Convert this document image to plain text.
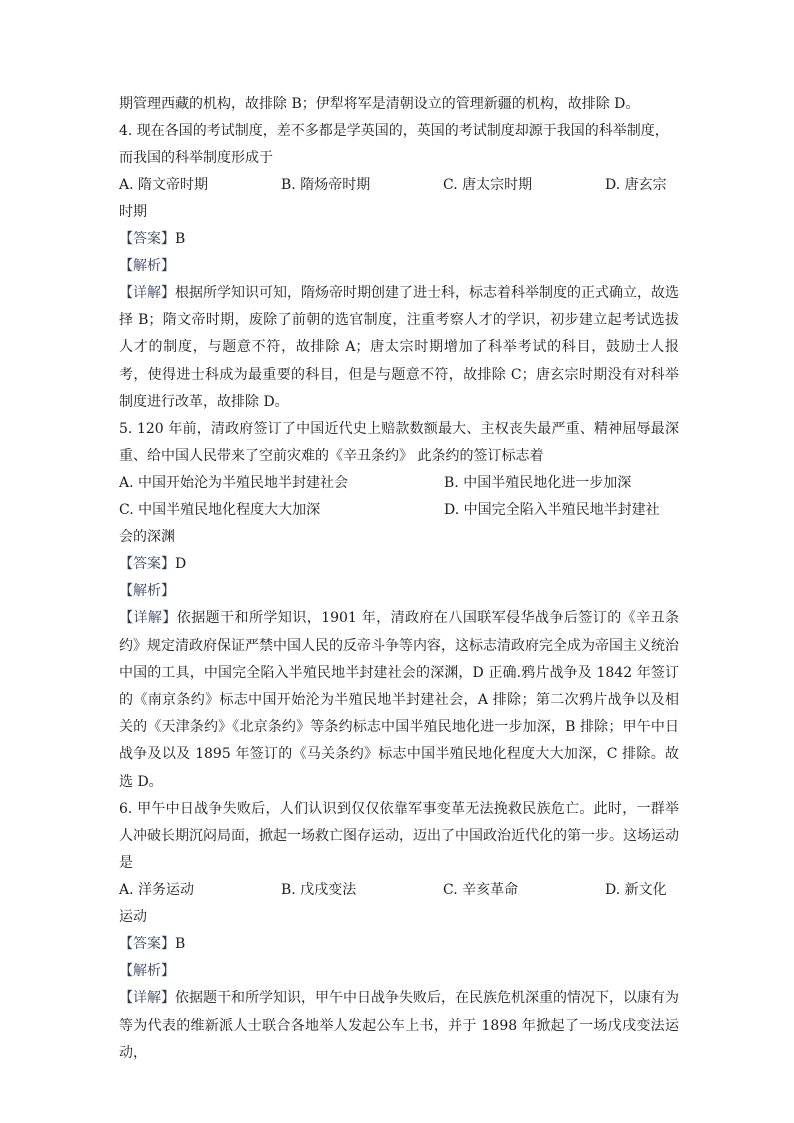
期管理西藏的机构，故排除 B；伊犁将军是清朝设立的管理新疆的机构，故排除 D。
4. 现在各国的考试制度，差不多都是学英国的，英国的考试制度却源于我国的科举制度，
而我国的科举制度形成于
A. 隋文帝时期	B. 隋炀帝时期	C. 唐太宗时期	D. 唐玄宗
时期
【答案】B
【解析】
【详解】根据所学知识可知，隋炀帝时期创建了进士科，标志着科举制度的正式确立，故选择 B；隋文帝时期，废除了前朝的选官制度，注重考察人才的学识，初步建立起考试选拔人才的制度，与题意不符，故排除 A；唐太宗时期增加了科举考试的科目，鼓励士人报考，使得进士科成为最重要的科目，但是与题意不符，故排除 C；唐玄宗时期没有对科举制度进行改革，故排除 D。
5. 120 年前，清政府签订了中国近代史上赔款数额最大、主权丧失最严重、精神屈辱最深重、给中国人民带来了空前灾难的《辛丑条约》 此条约的签订标志着
A. 中国开始沦为半殖民地半封建社会	B. 中国半殖民地化进一步加深
C. 中国半殖民地化程度大大加深	D. 中国完全陷入半殖民地半封建社
会的深渊
【答案】D
【解析】
【详解】依据题干和所学知识，1901 年，清政府在八国联军侵华战争后签订的《辛丑条约》规定清政府保证严禁中国人民的反帝斗争等内容，这标志清政府完全成为帝国主义统治中国的工具，中国完全陷入半殖民地半封建社会的深渊，D 正确.鸦片战争及 1842 年签订的《南京条约》标志中国开始沦为半殖民地半封建社会，A 排除；第二次鸦片战争以及相关的《天津条约》《北京条约》等条约标志中国半殖民地化进一步加深，B 排除；甲午中日战争及以及 1895 年签订的《马关条约》标志中国半殖民地化程度大大加深，C 排除。故选 D。
6. 甲午中日战争失败后，人们认识到仅仅依靠军事变革无法挽救民族危亡。此时，一群举人冲破长期沉闷局面，掀起一场救亡图存运动，迈出了中国政治近代化的第一步。这场运动是
A. 洋务运动	B. 戊戌变法	C. 辛亥革命	D. 新文化
运动
【答案】B
【解析】
【详解】依据题干和所学知识，甲午中日战争失败后，在民族危机深重的情况下，以康有为等为代表的维新派人士联合各地举人发起公车上书，并于 1898 年掀起了一场戊戌变法运动，
